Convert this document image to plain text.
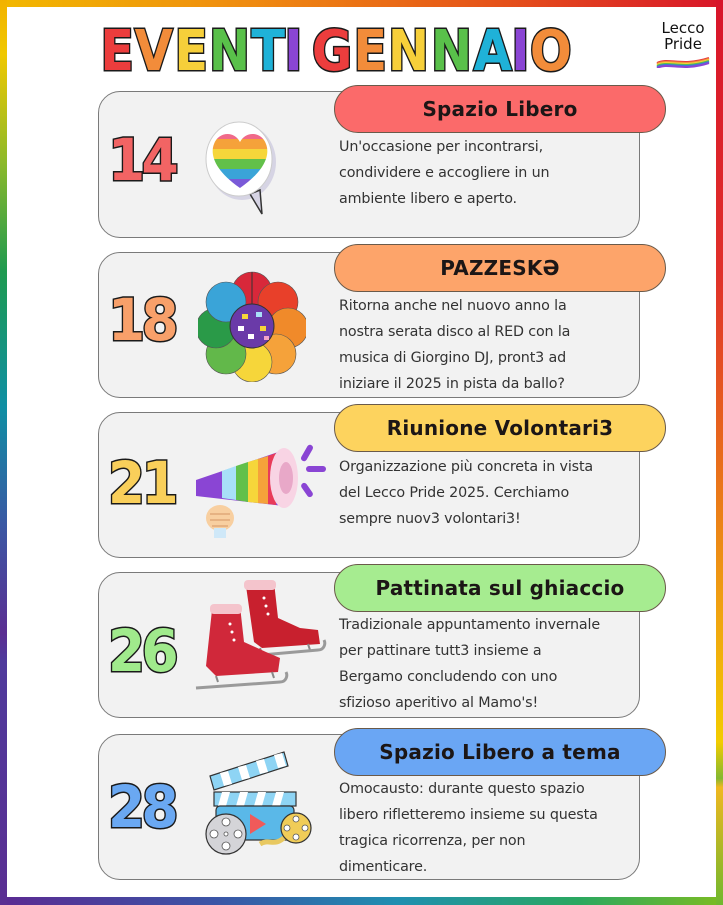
E V E N T
I
G E N N A
I O	Lecco
Pride
Spazio Libero
14	Un'occasione per incontrarsi,
condividere e accogliere in un
ambiente libero e aperto.
PAZZESKƏ
18	Ritorna anche nel nuovo anno la
nostra serata disco al RED con la
musica di Giorgino DJ, pront3 ad
iniziare il 2025 in pista da ballo?
Riunione Volontari3
21	Organizzazione più concreta in vista
del Lecco Pride 2025. Cerchiamo
sempre nuov3 volontari3!
Pattinata sul ghiaccio
26	Tradizionale appuntamento invernale
per pattinare tutt3 insieme a
Bergamo concludendo con uno
sfizioso aperitivo al Mamo's!
Spazio Libero a tema
28	Omocausto: durante questo spazio
libero rifletteremo insieme su questa
tragica ricorrenza, per non
dimenticare.
